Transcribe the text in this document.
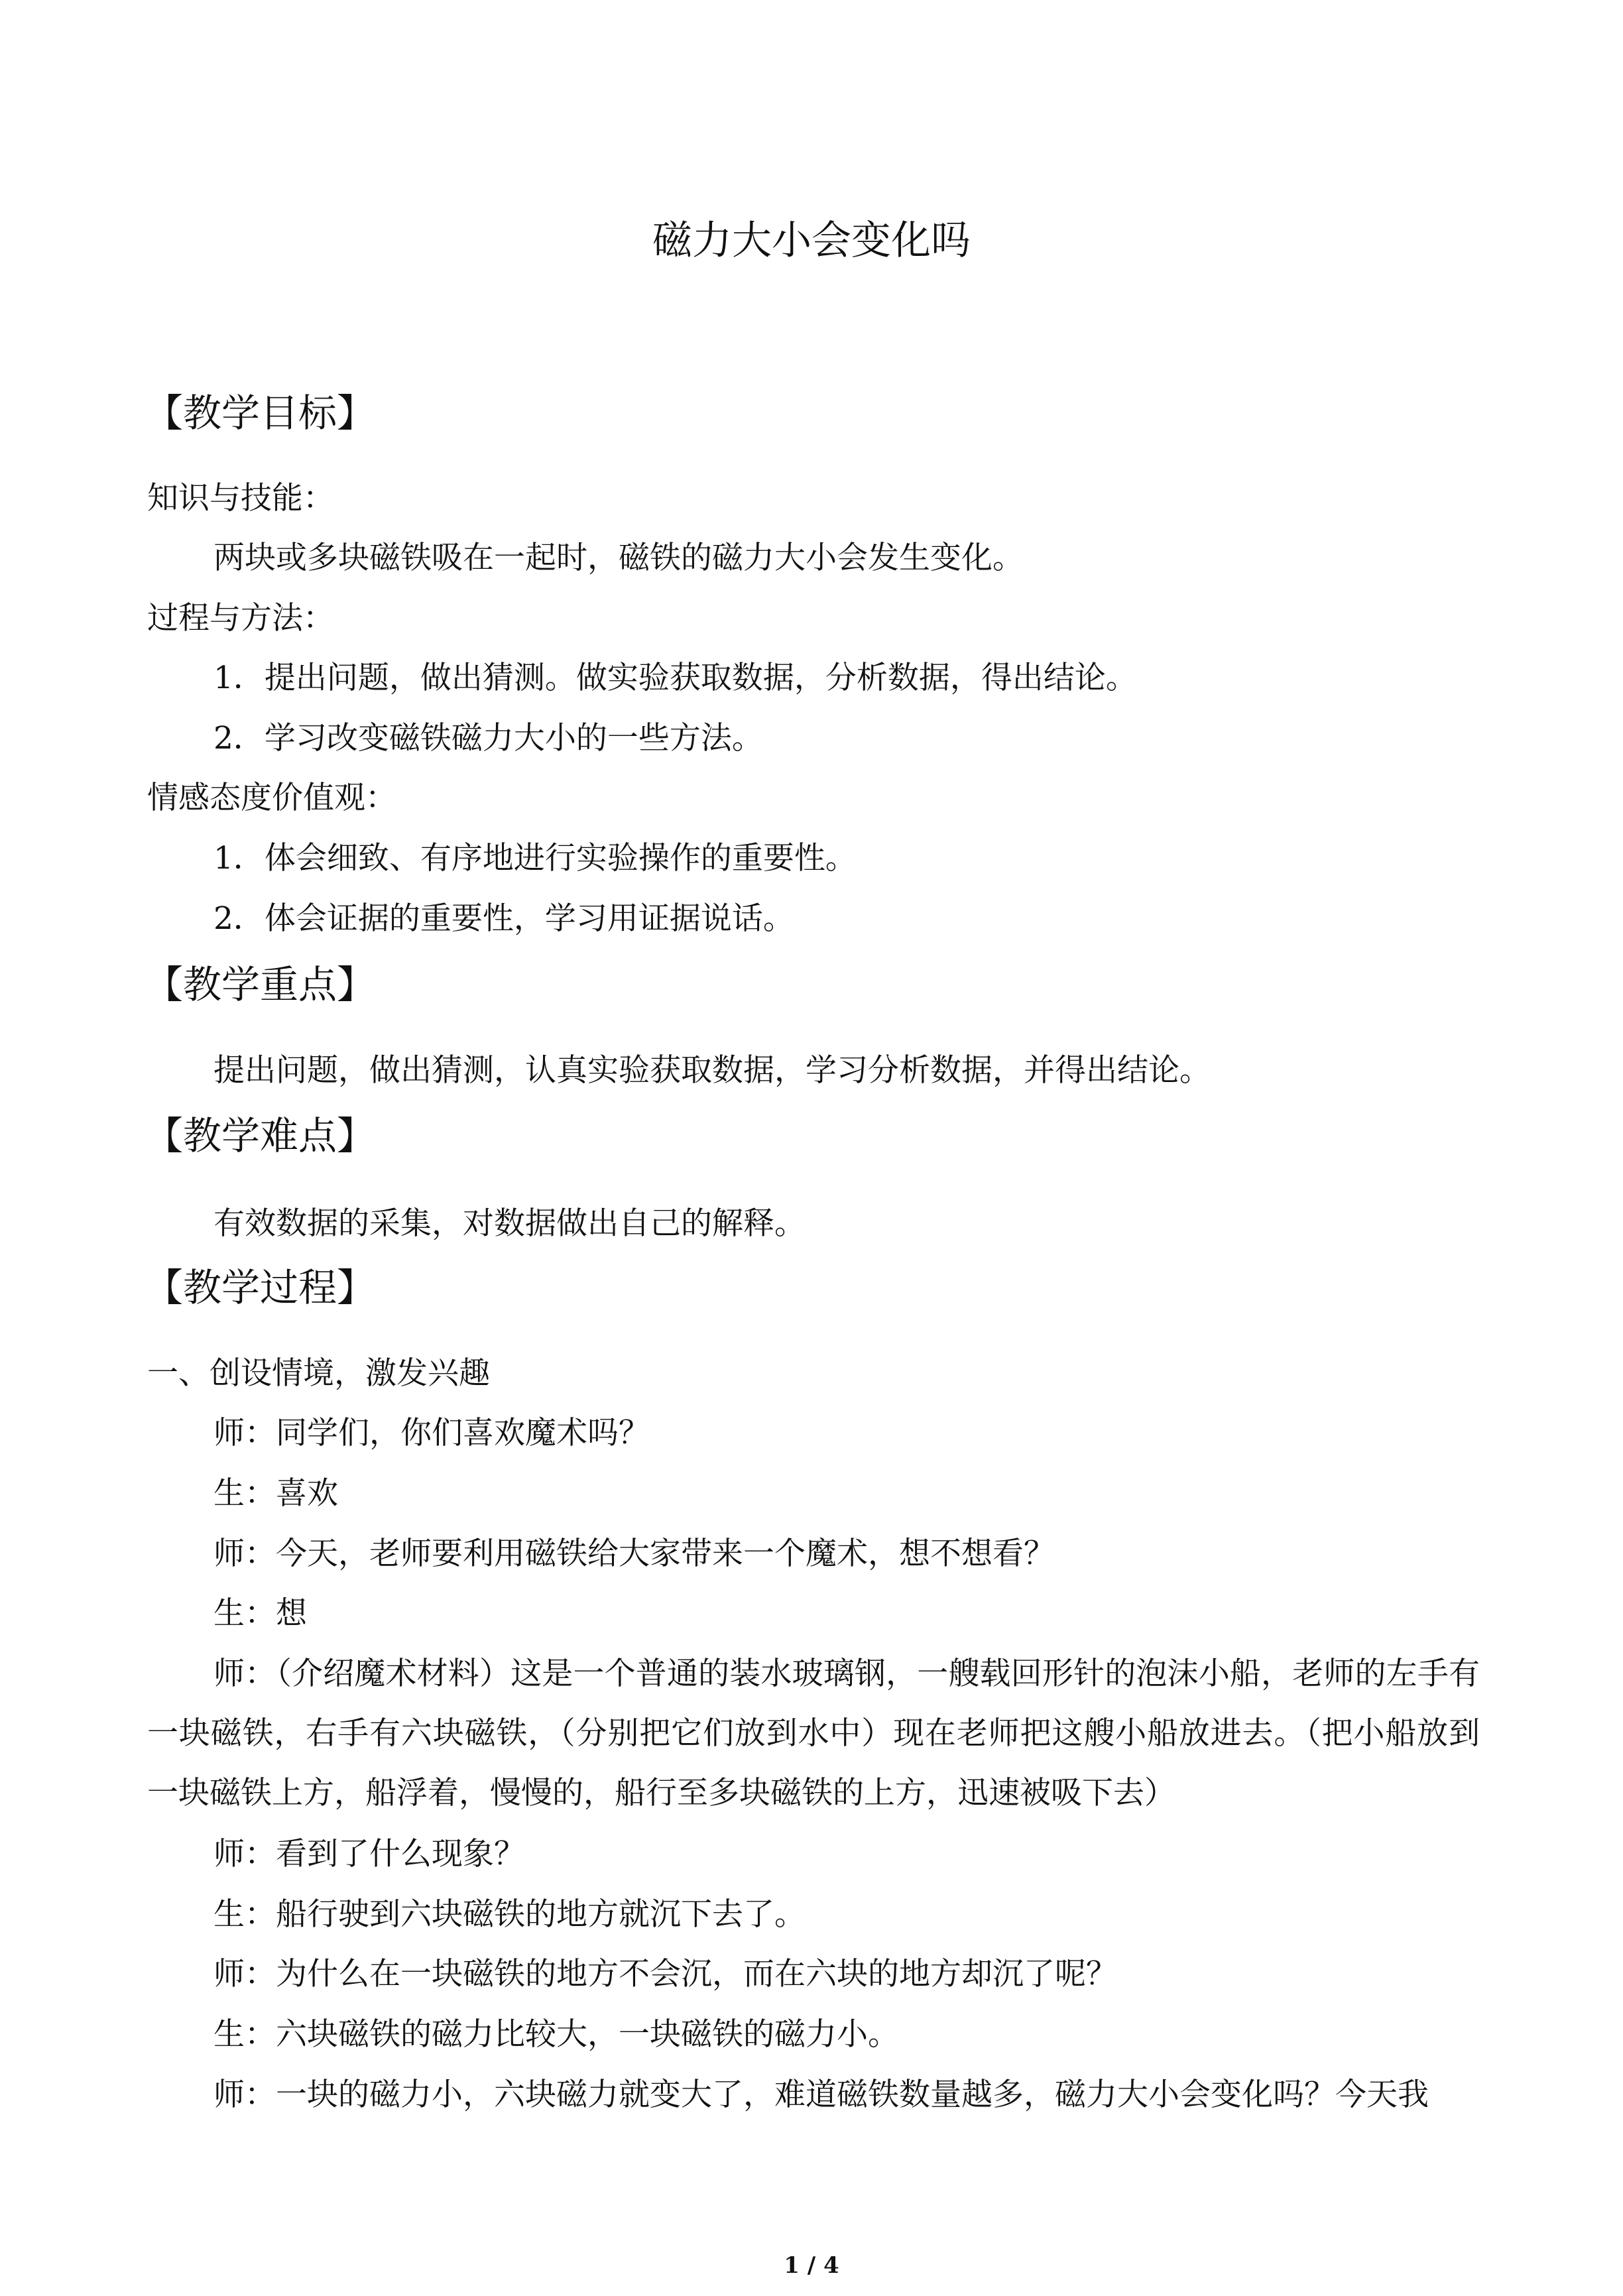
磁力大小会变化吗
【教学目标】
知识与技能：
两块或多块磁铁吸在一起时，磁铁的磁力大小会发生变化。
过程与方法：
1．提出问题，做出猜测。做实验获取数据，分析数据，得出结论。
2．学习改变磁铁磁力大小的一些方法。
情感态度价值观：
1．体会细致、有序地进行实验操作的重要性。
2．体会证据的重要性，学习用证据说话。
【教学重点】
提出问题，做出猜测，认真实验获取数据，学习分析数据，并得出结论。
【教学难点】
有效数据的采集，对数据做出自己的解释。
【教学过程】
一、创设情境，激发兴趣
师：同学们，你们喜欢魔术吗？
生：喜欢
师：今天，老师要利用磁铁给大家带来一个魔术，想不想看？
生：想
师：（介绍魔术材料）这是一个普通的装水玻璃钢，一艘载回形针的泡沫小船，老师的左手有一块磁铁，右手有六块磁铁，（分别把它们放到水中）现在老师把这艘小船放进去。（把小船放到一块磁铁上方，船浮着，慢慢的，船行至多块磁铁的上方，迅速被吸下去）
师：看到了什么现象？
生：船行驶到六块磁铁的地方就沉下去了。
师：为什么在一块磁铁的地方不会沉，而在六块的地方却沉了呢？
生：六块磁铁的磁力比较大，一块磁铁的磁力小。
师：一块的磁力小，六块磁力就变大了，难道磁铁数量越多，磁力大小会变化吗？今天我
1 / 4
